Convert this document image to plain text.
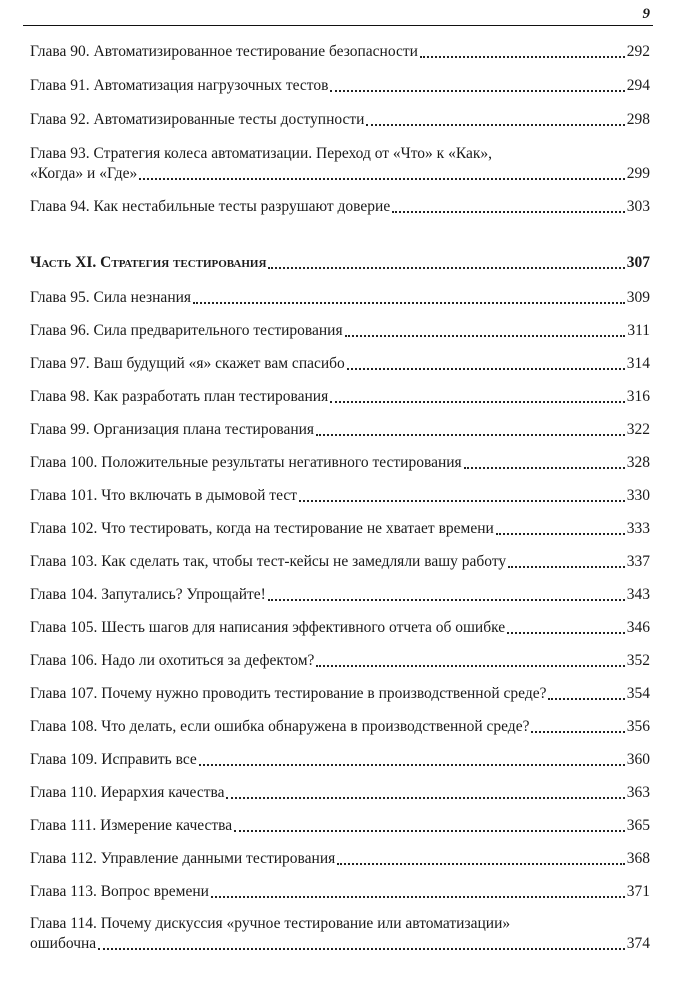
9
Глава 90. Автоматизированное тестирование безопасности	292
Глава 91. Автоматизация нагрузочных тестов	294
Глава 92. Автоматизированные тесты доступности	298
Глава 93. Стратегия колеса автоматизации. Переход от «Что» к «Как»,
«Когда» и «Где»	299
Глава 94. Как нестабильные тесты разрушают доверие	303
Часть XI. Стратегия тестирования	307
Глава 95. Сила незнания	309
Глава 96. Сила предварительного тестирования	311
Глава 97. Ваш будущий «я» скажет вам спасибо	314
Глава 98. Как разработать план тестирования	316
Глава 99. Организация плана тестирования	322
Глава 100. Положительные результаты негативного тестирования	328
Глава 101. Что включать в дымовой тест	330
Глава 102. Что тестировать, когда на тестирование не хватает времени	333
Глава 103. Как сделать так, чтобы тест-кейсы не замедляли вашу работу	337
Глава 104. Запутались? Упрощайте!	343
Глава 105. Шесть шагов для написания эффективного отчета об ошибке	346
Глава 106. Надо ли охотиться за дефектом?	352
Глава 107. Почему нужно проводить тестирование в производственной среде?	354
Глава 108. Что делать, если ошибка обнаружена в производственной среде?	356
Глава 109. Исправить все	360
Глава 110. Иерархия качества	363
Глава 111. Измерение качества	365
Глава 112. Управление данными тестирования	368
Глава 113. Вопрос времени	371
Глава 114. Почему дискуссия «ручное тестирование или автоматизации»
ошибочна	374
